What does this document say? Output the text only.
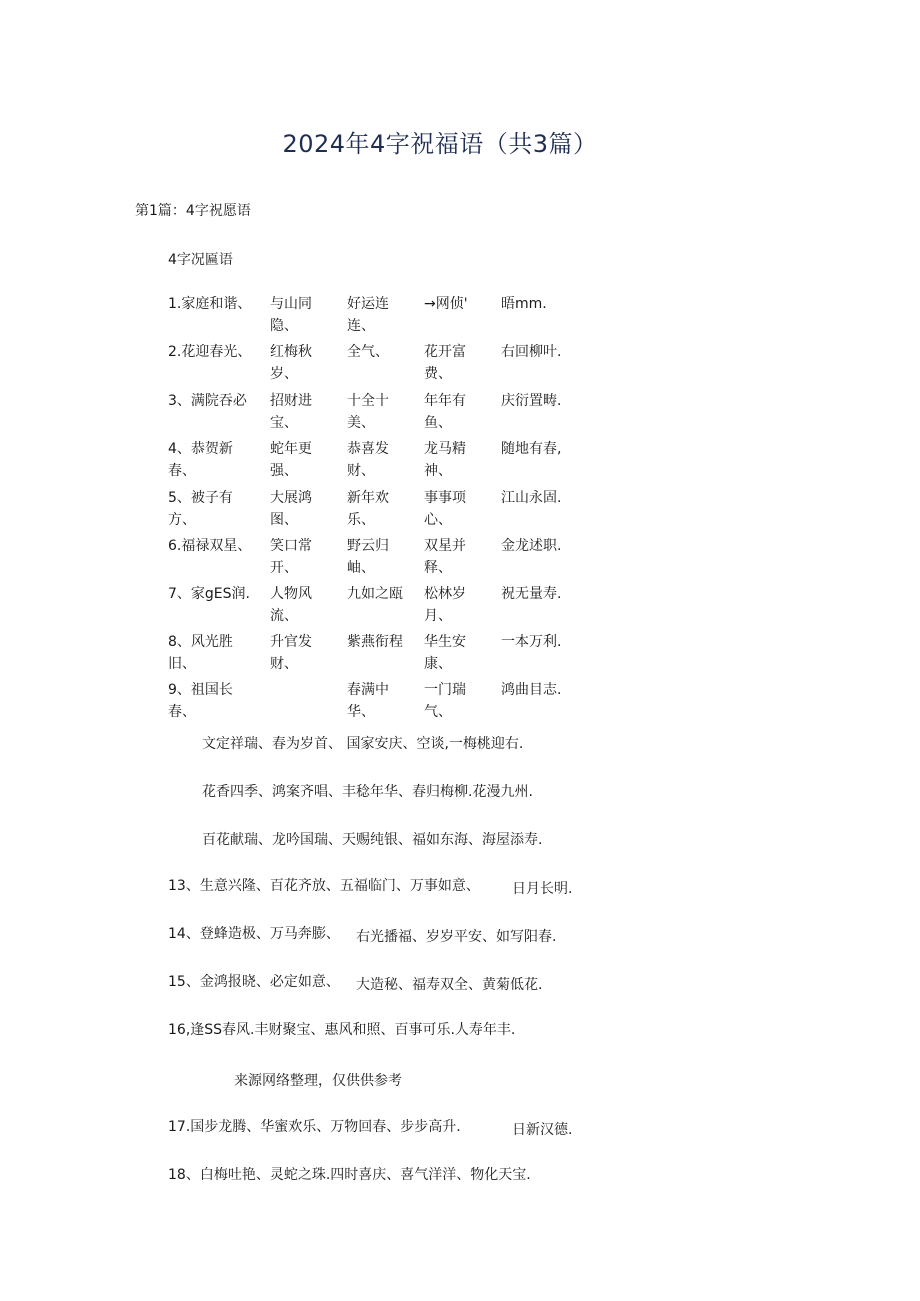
2024年4字祝福语（共3篇）
第1篇：4字祝愿语
4字况匾语
1.家庭和谐、 与山同
隐、
好运连
连、
→网侦' 晤mm.
2.花迎春光、 红梅秋
岁、
全气、	花开富
费、
右回柳叶.
3、满院吞必 招财进
宝、
十全十
美、
年年有
鱼、
庆衍置畴.
4、恭贺新
春、
蛇年更
强、
恭喜发
财、
龙马精
神、
随地有春,
5、被子有
方、
大展鸿
图、
新年欢
乐、
事事项
心、
江山永固.
6.福禄双星、 笑口常
开、
野云归
岫、
双星并
释、
金龙述职.
7、家gES润. 人物风
流、
九如之瓯 松林岁
月、
祝无量寿.
8、风光胜
旧、
升官发
财、
紫燕衔程 华生安
康、
一本万利.
9、祖国长
春、
春满中
华、
一门瑞
气、
鸿曲目志.
文定祥瑞、春为岁首、 国家安庆、空谈,一梅桃迎右.
花香四季、鸿案齐唱、丰稔年华、春归梅柳.花漫九州.
百花献瑞、龙吟国瑞、天赐纯银、福如东海、海屋添寿.
13、生意兴隆、百花齐放、五福临门、万事如意、 日月长明.
14、登蜂造极、万马奔膨、 右光播福、岁岁平安、如写阳春.
15、金鸿报晓、必定如意、 大造秘、福寿双全、黄菊低花.
16,逢SS春风.丰财聚宝、惠风和照、百事可乐.人寿年丰.
来源网络整理，仅供供参考
17.国步龙腾、华蜜欢乐、万物回春、步步高升.	日新汉德.
18、白梅吐艳、灵蛇之珠.四时喜庆、喜气洋洋、物化天宝.
